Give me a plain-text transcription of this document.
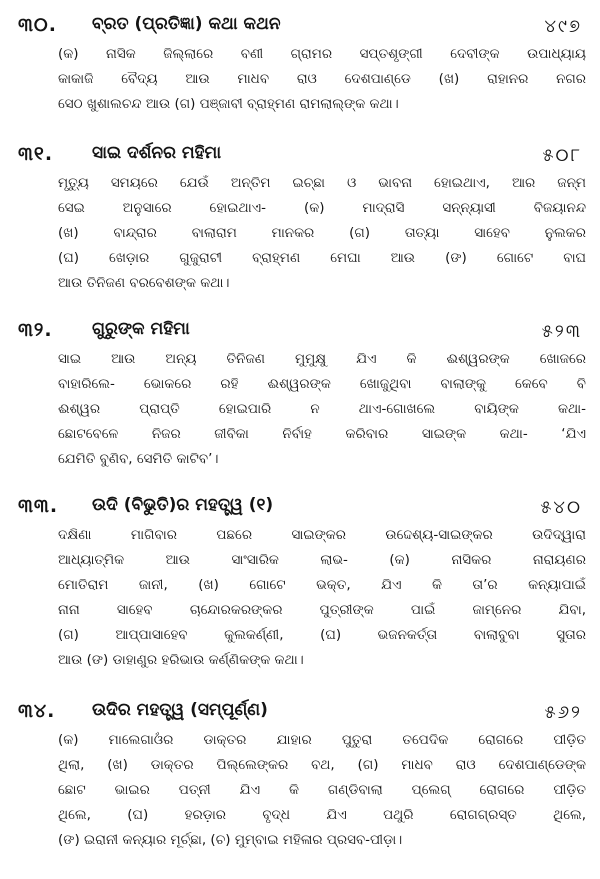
୩୦. ବ୍ରତ (ପ୍ରତିଜ୍ଞା) କଥା କଥନ	୪୯୭
(କ) ନାସିକ ଜିଲ୍ଲାରେ ବଣୀ ଗ୍ରାମର ସପ୍ତଶୃଙ୍ଗୀ ଦେବୀଙ୍କ ଉପାଧ୍ୟାୟ
କାକାଜି ବୈଦ୍ୟ ଆଉ ମାଧବ ରାଓ ଦେଶପାଣ୍ଡେ (ଖ) ରାହାନର ନଗର
ସେଠ ଖୁଶାଲଚନ୍ଦ ଆଉ (ଗ) ପଞ୍ଜାବୀ ବ୍ରାହ୍ମଣ ରାମଲାଲ୍‌ଙ୍କ କଥା।
୩୧. ସାଇ ଦର୍ଶନର ମହିମା	୫୦୮
ମୃତ୍ୟୁ ସମୟରେ ଯେଉଁ ଅନ୍ତିମ ଇଚ୍ଛା ଓ ଭାବନା ହୋଇଥାଏ, ଆର ଜନ୍ମ
ସେଇ ଅନୁସାରେ ହୋଇଥାଏ- (କ) ମାଦ୍ରାସି ସନ୍ନ୍ୟାସୀ ବିଜୟାନନ୍ଦ
(ଖ) ବାନ୍ଦ୍ରାର ବାଲାରାମ ମାନକର (ଗ) ତାତ୍ୟା ସାହେବ ନୁଲକର
(ଘ) ଖେଡ଼ାର ଗୁଜୁରାଟୀ ବ୍ରାହ୍ମଣ ମେଘା ଆଉ (ଙ) ଗୋଟେ ବାଘ
ଆଉ ତିନିଜଣ ବରବେଶଙ୍କ କଥା।
୩୨. ଗୁରୁଙ୍କ ମହିମା	୫୨୩
ସାଇ ଆଉ ଅନ୍ୟ ତିନିଜଣ ମୁମୁକ୍ଷୁ ଯିଏ କି ଈଶ୍ୱରଙ୍କ ଖୋଜରେ
ବାହାରିଲେ- ଭୋକରେ ରହି ଈଶ୍ୱରଙ୍କ ଖୋଜୁଥିବା ବାଲାଙ୍କୁ କେବେ ବି
ଈଶ୍ୱର ପ୍ରାପ୍ତି ହୋଇପାରି ନ ଥାଏ-ଗୋଖଲେ ବାୟିଙ୍କ କଥା-
ଛୋଟବେଳେ ନିଜର ଜୀବିକା ନିର୍ବାହ କରିବାର ସାଇଙ୍କ କଥା- ‘ଯିଏ
ଯେମିତି ବୁଣିବ, ସେମିତି କାଟିବ’।
୩୩. ଉଦି (ବିଭୁତି)ର ମହତ୍ତ୍ୱ (୧)	୫୪୦
ଦକ୍ଷିଣା ମାଗିବାର ପଛରେ ସାଇଙ୍କର ଉଦ୍ଦେଶ୍ୟ-ସାଇଙ୍କର ଉଦିଦ୍ୱାରା
ଆଧ୍ୟାତ୍ମିକ ଆଉ ସାଂସାରିକ ଲାଭ- (କ) ନାସିକର ନାରାୟଣର
ମୋତିରାମ ଜାନୀ, (ଖ) ଗୋଟେ ଭକ୍ତ, ଯିଏ କି ତା’ର କନ୍ୟାପାଇଁ
ନାନା ସାହେବ ଚାନ୍ଦୋରକରଙ୍କର ପୁତ୍ରୀଙ୍କ ପାଇଁ ଜାମ୍‌ନେର ଯିବା,
(ଗ) ଆପ୍ପାସାହେବ କୁଲକର୍ଣ୍ଣୀ, (ଘ) ଭଜନକର୍ତ୍ତା ବାଲାବୁବା ସୁତାର
ଆଉ (ଙ) ଡାହାଣୁର ହରିଭାଉ କର୍ଣ୍ଣିକଙ୍କ କଥା।
୩୪. ଉଦିର ମହତ୍ତ୍ୱ (ସମ୍ପୂର୍ଣ୍ଣ)	୫୬୨
(କ) ମାଲେଗାଓଁର ଡାକ୍ତର ଯାହାର ପୁତୁରା ତପେଦିକ ରୋଗରେ ପୀଡ଼ିତ
ଥିଲା, (ଖ) ଡାକ୍ତର ପିଲ୍ଲେଙ୍କର ବଥ, (ଗ) ମାଧବ ରାଓ ଦେଶପାଣ୍ଡେଙ୍କ
ଛୋଟ ଭାଇର ପତ୍ନୀ ଯିଏ କି ଗଣ୍ଡିବାଲା ପ୍ଲେଗ୍ ରୋଗରେ ପୀଡ଼ିତ
ଥିଲେ, (ଘ) ହରଡ଼ାର ବୃଦ୍ଧ ଯିଏ ପଥୁରି ରୋଗଗ୍ରସ୍ତ ଥିଲେ,
(ଙ) ଇରାନୀ କନ୍ୟାର ମୂର୍ଚ୍ଛା, (ଚ) ମୁମ୍ବାଇ ମହିଳାର ପ୍ରସବ-ପୀଡ଼ା।
